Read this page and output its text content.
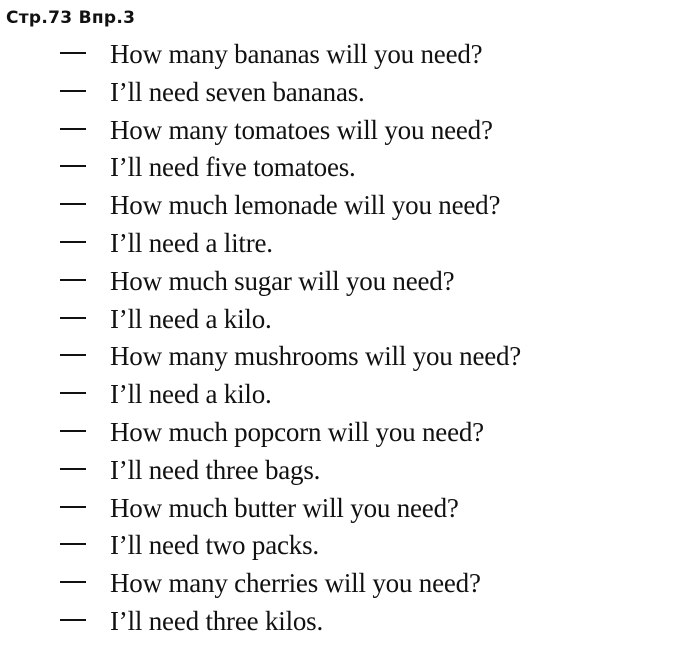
Стр.73 Впр.3
How many bananas will you need?
I’ll need seven bananas.
How many tomatoes will you need?
I’ll need five tomatoes.
How much lemonade will you need?
I’ll need a litre.
How much sugar will you need?
I’ll need a kilo.
How many mushrooms will you need?
I’ll need a kilo.
How much popcorn will you need?
I’ll need three bags.
How much butter will you need?
I’ll need two packs.
How many cherries will you need?
I’ll need three kilos.
